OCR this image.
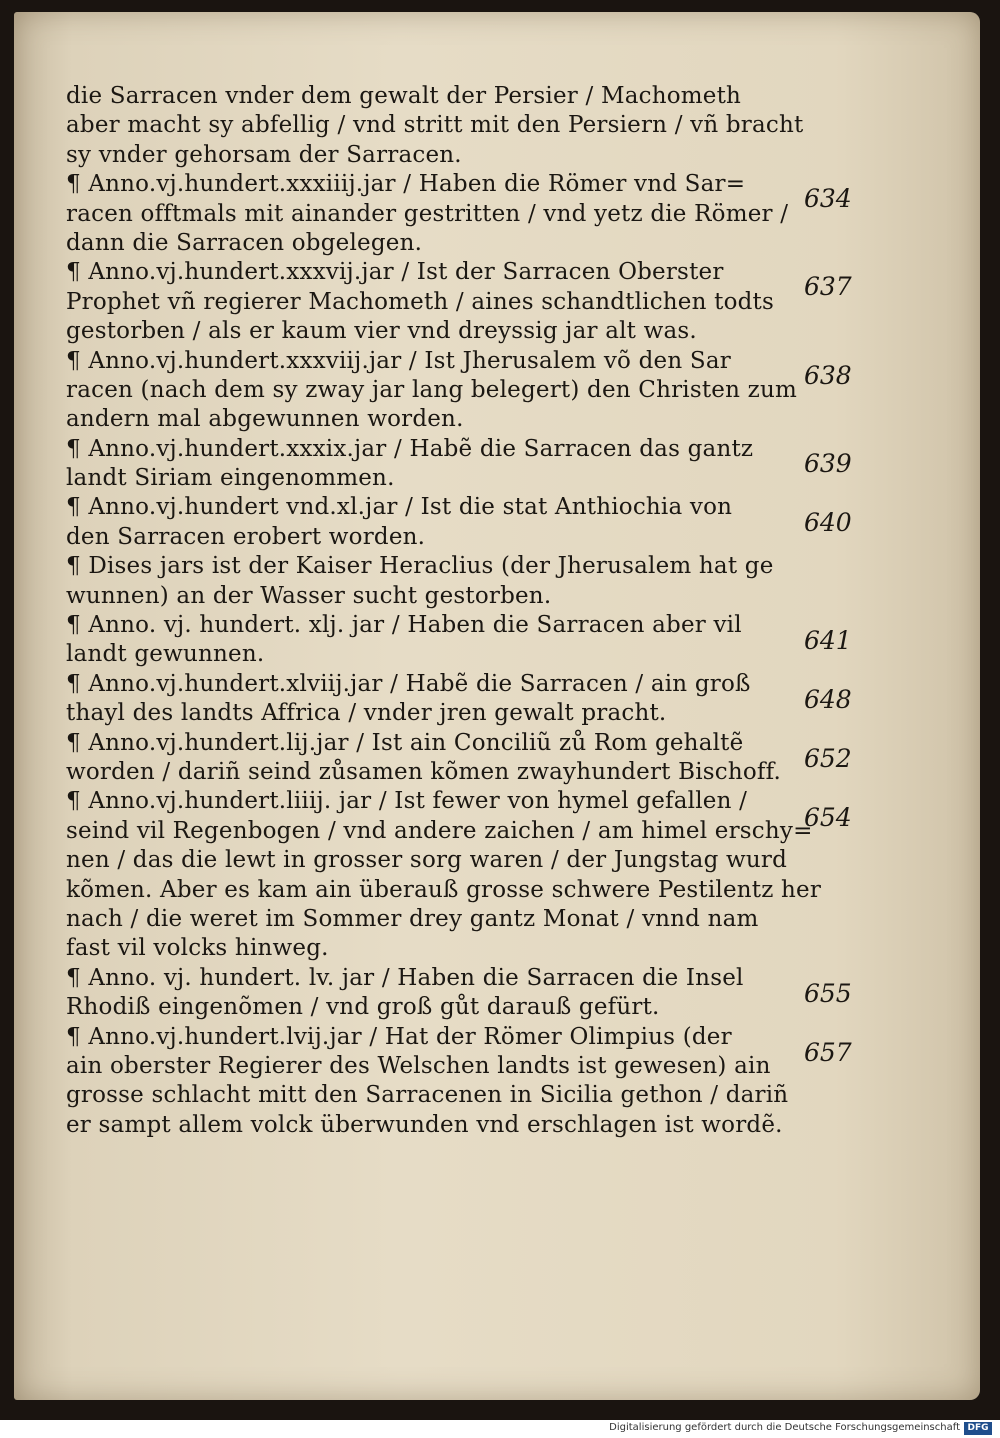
die Sarracen vnder dem gewalt der Persier / Machometh
aber macht sy abfellig / vnd stritt mit den Persiern / vñ bracht
sy vnder gehorsam der Sarracen.
¶ Anno.vj.hundert.xxxiiij.jar / Haben die Römer vnd Sar=
racen offtmals mit ainander gestritten / vnd yetz die Römer /
dann die Sarracen obgelegen.
¶ Anno.vj.hundert.xxxvij.jar / Ist der Sarracen Oberster
Prophet vñ regierer Machometh / aines schandtlichen todts
gestorben / als er kaum vier vnd dreyssig jar alt was.
¶ Anno.vj.hundert.xxxviij.jar / Ist Jherusalem võ den Sar
racen (nach dem sy zway jar lang belegert) den Christen zum
andern mal abgewunnen worden.
¶ Anno.vj.hundert.xxxix.jar / Habẽ die Sarracen das gantz
landt Siriam eingenommen.
¶ Anno.vj.hundert vnd.xl.jar / Ist die stat Anthiochia von
den Sarracen erobert worden.
¶ Dises jars ist der Kaiser Heraclius (der Jherusalem hat ge
wunnen) an der Wasser sucht gestorben.
¶ Anno. vj. hundert. xlj. jar / Haben die Sarracen aber vil
landt gewunnen.
¶ Anno.vj.hundert.xlviij.jar / Habẽ die Sarracen / ain groß
thayl des landts Affrica / vnder jren gewalt pracht.
¶ Anno.vj.hundert.lij.jar / Ist ain Conciliũ zů Rom gehaltẽ
worden / dariñ seind zůsamen kõmen zwayhundert Bischoff.
¶ Anno.vj.hundert.liiij. jar / Ist fewer von hymel gefallen /
seind vil Regenbogen / vnd andere zaichen / am himel erschy=
nen / das die lewt in grosser sorg waren / der Jungstag wurd
kõmen. Aber es kam ain überauß grosse schwere Pestilentz her
nach / die weret im Sommer drey gantz Monat / vnnd nam
fast vil volcks hinweg.
¶ Anno. vj. hundert. lv. jar / Haben die Sarracen die Insel
Rhodiß eingenõmen / vnd groß gůt darauß gefürt.
¶ Anno.vj.hundert.lvij.jar / Hat der Römer Olimpius (der
ain oberster Regierer des Welschen landts ist gewesen) ain
grosse schlacht mitt den Sarracenen in Sicilia gethon / dariñ
er sampt allem volck überwunden vnd erschlagen ist wordẽ.
634
637
638
639
640
641
648
652
654
655
657
Digitalisierung gefördert durch die Deutsche Forschungsgemeinschaft DFG
